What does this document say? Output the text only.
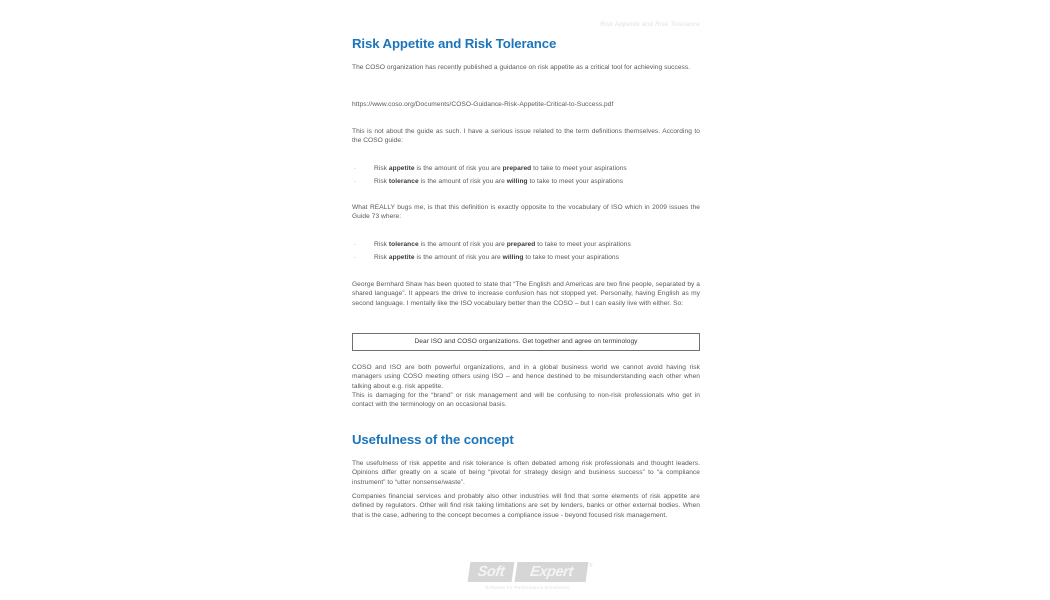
Risk Appetite and Risk Tolerance
Risk Appetite and Risk Tolerance

The COSO organization has recently published a guidance on risk appetite as a critical tool for achieving success.

https://www.coso.org/Documents/COSO-Guidance-Risk-Appetite-Critical-to-Success.pdf

This is not about the guide as such. I have a serious issue related to the term definitions themselves. According to the COSO guide:

·	Risk appetite is the amount of risk you are prepared to take to meet your aspirations
·	Risk tolerance is the amount of risk you are willing to take to meet your aspirations

What REALLY bugs me, is that this definition is exactly opposite to the vocabulary of ISO which in 2009 issues the Guide 73 where:

·	Risk tolerance is the amount of risk you are prepared to take to meet your aspirations
·	Risk appetite is the amount of risk you are willing to take to meet your aspirations

George Bernhard Shaw has been quoted to state that “The English and Americas are two fine people, separated by a shared language”. It appears the drive to increase confusion has not stopped yet. Personally, having English as my second language. I mentally like the ISO vocabulary better than the COSO – but I can easily live with either. So:

Dear ISO and COSO organizations. Get together and agree on terminology

COSO and ISO are both powerful organizations, and in a global business world we cannot avoid having risk managers using COSO meeting others using ISO – and hence destined to be misunderstanding each other when talking about e.g. risk appetite.

This is damaging for the “brand” or risk management and will be confusing to non-risk professionals who get in contact with the terminology on an occasional basis.

Usefulness of the concept

The usefulness of risk appetite and risk tolerance is often debated among risk professionals and thought leaders. Opinions differ greatly on a scale of being “pivotal for strategy design and business success” to “a compliance instrument” to “utter nonsense/waste”.

Companies financial services and probably also other industries will find that some elements of risk appetite are defined by regulators. Other will find risk taking limitations are set by lenders, banks or other external bodies. When that is the case, adhering to the concept becomes a compliance issue - beyond focused risk management.

Soft	Expert	®
Software for Performance Excellence
